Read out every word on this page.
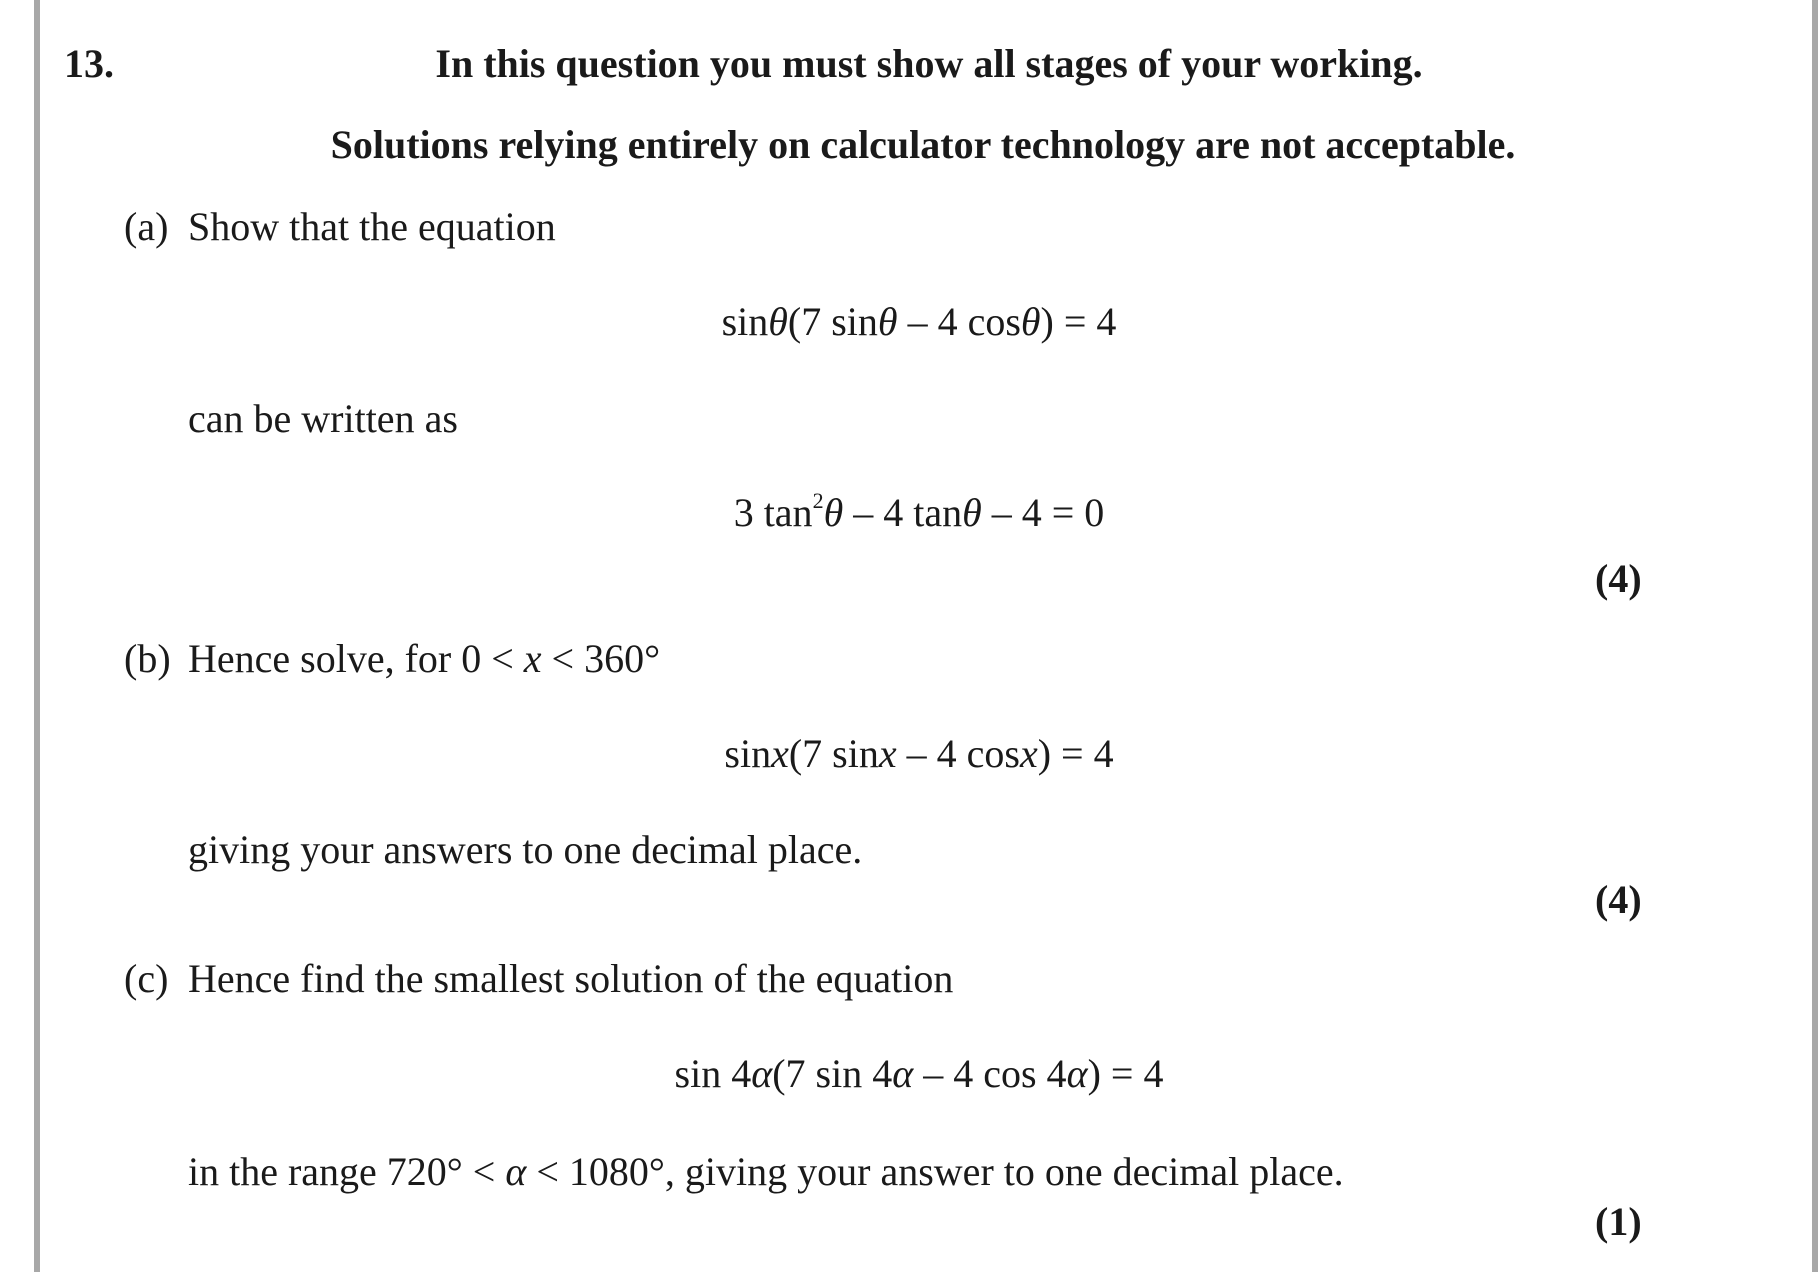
13.	In this question you must show all stages of your working.
Solutions relying entirely on calculator technology are not acceptable.
(a) Show that the equation
sinθ(7 sinθ – 4 cosθ) = 4
can be written as
3 $\tan^2\theta - 4$ tanθ – 4 = 0
(4)
(b) Hence solve, for 0 < x < 360°
sinx(7 sinx – 4 cosx) = 4
giving your answers to one decimal place.
(4)
(c) Hence find the smallest solution of the equation
sin 4α(7 sin 4α – 4 cos 4α) = 4
in the range 720° < α < 1080°, giving your answer to one decimal place.
(1)
